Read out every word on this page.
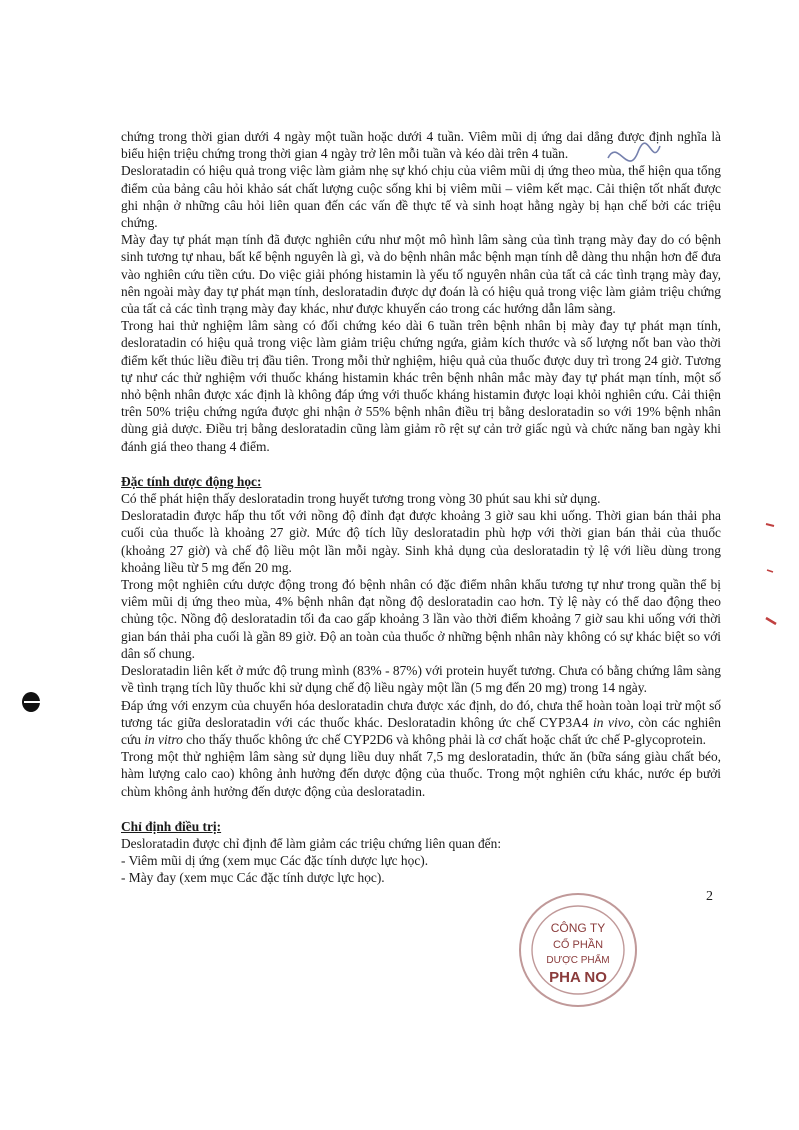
chứng trong thời gian dưới 4 ngày một tuần hoặc dưới 4 tuần. Viêm mũi dị ứng dai dẳng được định nghĩa là biểu hiện triệu chứng trong thời gian 4 ngày trở lên mỗi tuần và kéo dài trên 4 tuần.

Desloratadin có hiệu quả trong việc làm giảm nhẹ sự khó chịu của viêm mũi dị ứng theo mùa, thể hiện qua tổng điểm của bảng câu hỏi khảo sát chất lượng cuộc sống khi bị viêm mũi – viêm kết mạc. Cải thiện tốt nhất được ghi nhận ở những câu hỏi liên quan đến các vấn đề thực tế và sinh hoạt hằng ngày bị hạn chế bởi các triệu chứng.

Mày đay tự phát mạn tính đã được nghiên cứu như một mô hình lâm sàng của tình trạng mày đay do có bệnh sinh tương tự nhau, bất kể bệnh nguyên là gì, và do bệnh nhân mắc bệnh mạn tính dễ dàng thu nhận hơn để đưa vào nghiên cứu tiền cứu. Do việc giải phóng histamin là yếu tố nguyên nhân của tất cả các tình trạng mày đay, nên ngoài mày đay tự phát mạn tính, desloratadin được dự đoán là có hiệu quả trong việc làm giảm triệu chứng của tất cả các tình trạng mày đay khác, như được khuyến cáo trong các hướng dẫn lâm sàng.

Trong hai thử nghiệm lâm sàng có đối chứng kéo dài 6 tuần trên bệnh nhân bị mày đay tự phát mạn tính, desloratadin có hiệu quả trong việc làm giảm triệu chứng ngứa, giảm kích thước và số lượng nốt ban vào thời điểm kết thúc liều điều trị đầu tiên. Trong mỗi thử nghiệm, hiệu quả của thuốc được duy trì trong 24 giờ. Tương tự như các thử nghiệm với thuốc kháng histamin khác trên bệnh nhân mắc mày đay tự phát mạn tính, một số nhỏ bệnh nhân được xác định là không đáp ứng với thuốc kháng histamin được loại khỏi nghiên cứu. Cải thiện trên 50% triệu chứng ngứa được ghi nhận ở 55% bệnh nhân điều trị bằng desloratadin so với 19% bệnh nhân dùng giả dược. Điều trị bằng desloratadin cũng làm giảm rõ rệt sự cản trở giấc ngủ và chức năng ban ngày khi đánh giá theo thang 4 điểm.

Đặc tính dược động học:

Có thể phát hiện thấy desloratadin trong huyết tương trong vòng 30 phút sau khi sử dụng.

Desloratadin được hấp thu tốt với nồng độ đỉnh đạt được khoảng 3 giờ sau khi uống. Thời gian bán thải pha cuối của thuốc là khoảng 27 giờ. Mức độ tích lũy desloratadin phù hợp với thời gian bán thải của thuốc (khoảng 27 giờ) và chế độ liều một lần mỗi ngày. Sinh khả dụng của desloratadin tỷ lệ với liều dùng trong khoảng liều từ 5 mg đến 20 mg.

Trong một nghiên cứu dược động trong đó bệnh nhân có đặc điểm nhân khẩu tương tự như trong quần thể bị viêm mũi dị ứng theo mùa, 4% bệnh nhân đạt nồng độ desloratadin cao hơn. Tỷ lệ này có thể dao động theo chủng tộc. Nồng độ desloratadin tối đa cao gấp khoảng 3 lần vào thời điểm khoảng 7 giờ sau khi uống với thời gian bán thải pha cuối là gần 89 giờ. Độ an toàn của thuốc ở những bệnh nhân này không có sự khác biệt so với dân số chung.

Desloratadin liên kết ở mức độ trung mình (83% - 87%) với protein huyết tương. Chưa có bằng chứng lâm sàng về tình trạng tích lũy thuốc khi sử dụng chế độ liều ngày một lần (5 mg đến 20 mg) trong 14 ngày.

Đáp ứng với enzym của chuyển hóa desloratadin chưa được xác định, do đó, chưa thể hoàn toàn loại trừ một số tương tác giữa desloratadin với các thuốc khác. Desloratadin không ức chế CYP3A4 in vivo, còn các nghiên cứu in vitro cho thấy thuốc không ức chế CYP2D6 và không phải là cơ chất hoặc chất ức chế P-glycoprotein.

Trong một thử nghiệm lâm sàng sử dụng liều duy nhất 7,5 mg desloratadin, thức ăn (bữa sáng giàu chất béo, hàm lượng calo cao) không ảnh hưởng đến dược động của thuốc. Trong một nghiên cứu khác, nước ép bưởi chùm không ảnh hưởng đến dược động của desloratadin.

Chỉ định điều trị:

Desloratadin được chỉ định để làm giảm các triệu chứng liên quan đến:

- Viêm mũi dị ứng (xem mục Các đặc tính dược lực học).

- Mày đay (xem mục Các đặc tính dược lực học).

2
CÔNG TY
CỔ PHẦN
DƯỢC PHẨM
PHA NO
